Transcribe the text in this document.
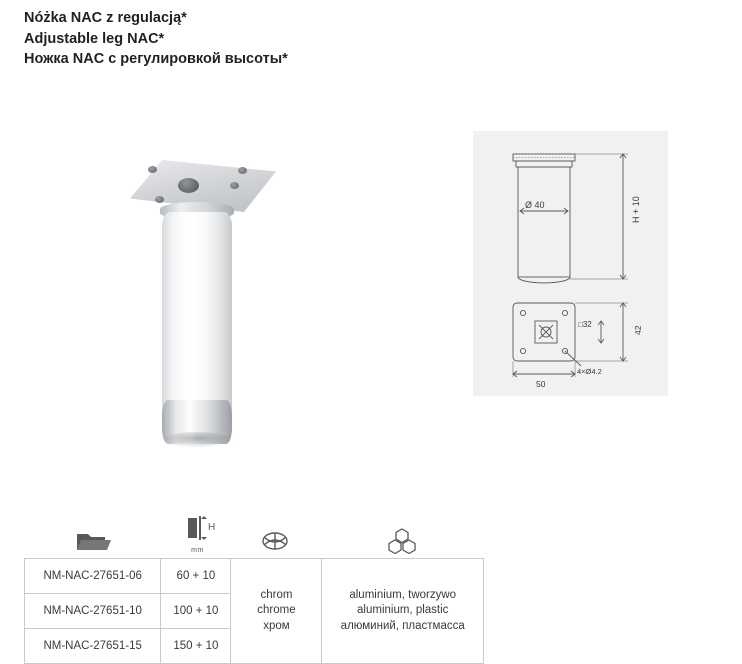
Nóżka NAC z regulacją*
Adjustable leg NAC*
Ножка NAC с регулировкой высоты*
Ø 40	H + 10
□32
42
50
4×Ø4.2
H
mm
NM-NAC-27651-06	60 + 10	
chrom
chrome
хром

aluminium, tworzywo
aluminium, plastic
алюминий, пластмасса

NM-NAC-27651-10	100 + 10		
NM-NAC-27651-15	150 + 10		
